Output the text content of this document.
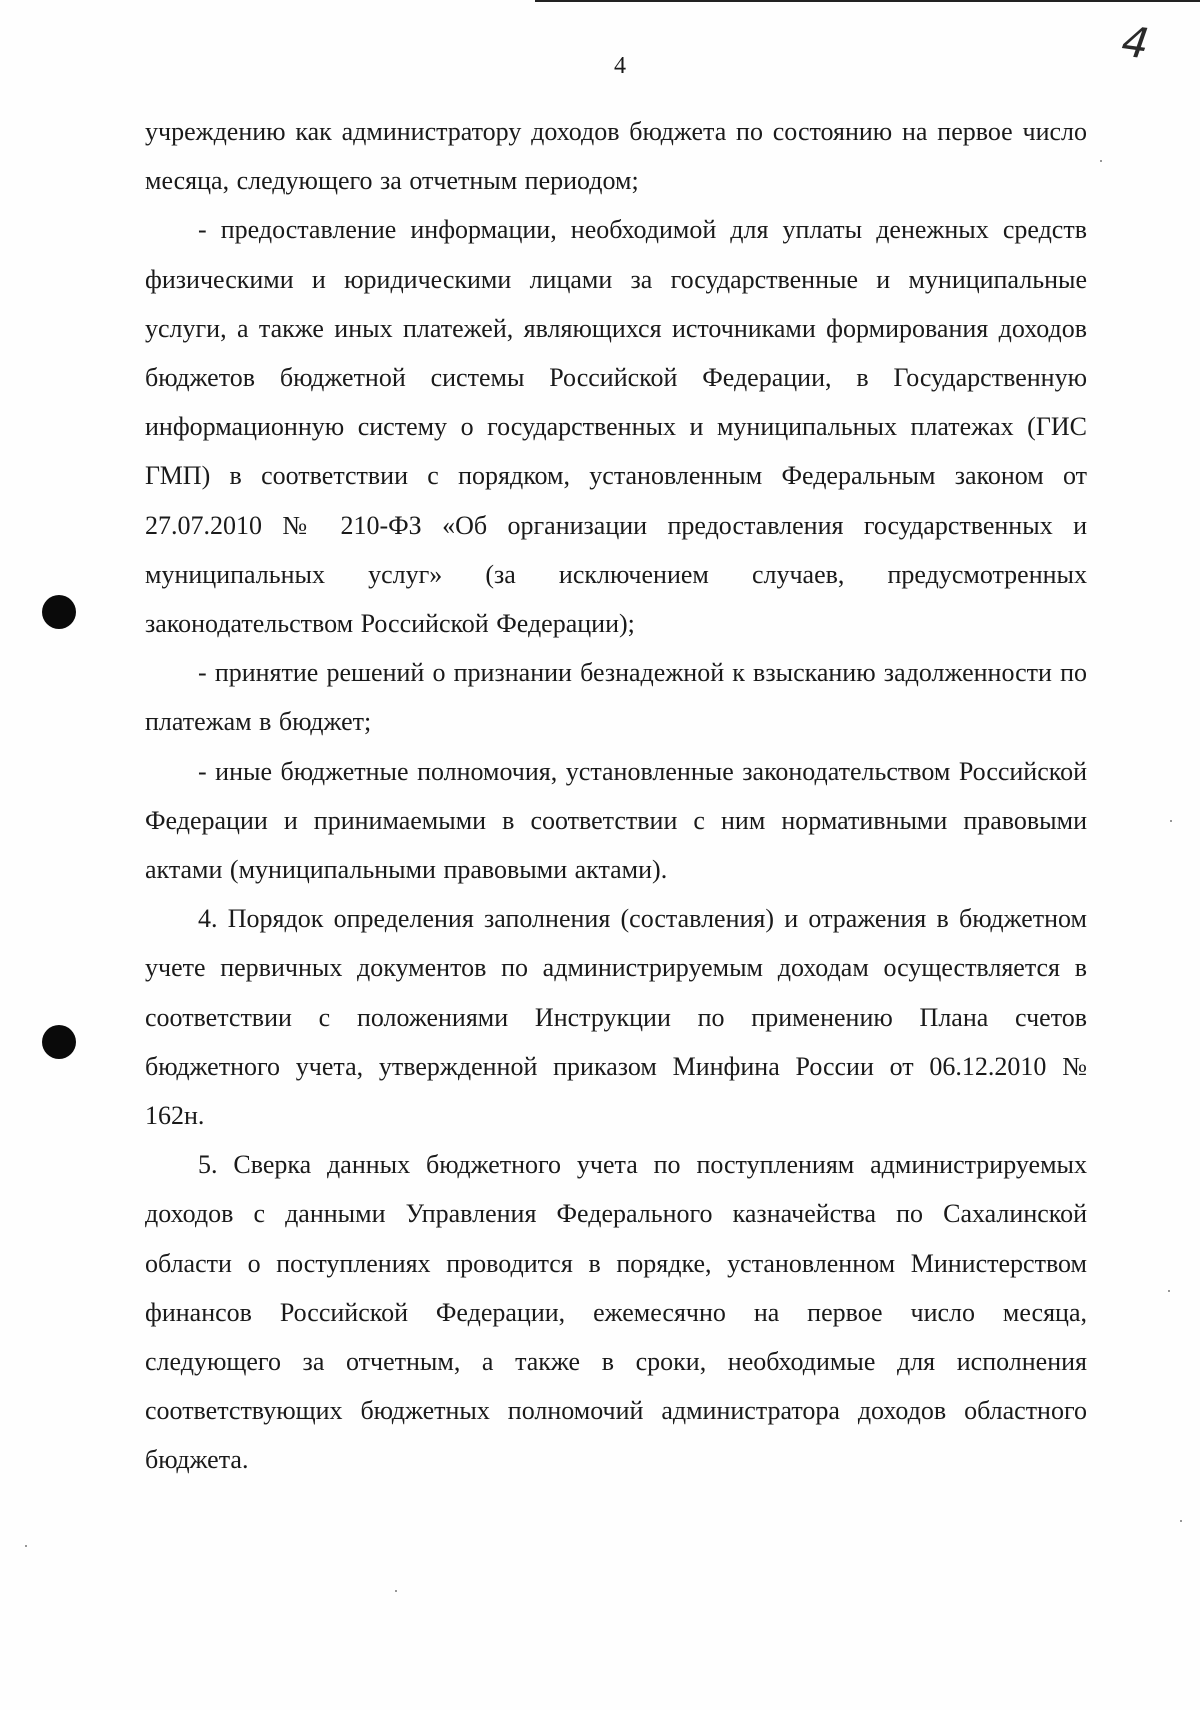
4	4

учреждению как администратору доходов бюджета по состоянию на первое число месяца, следующего за отчетным периодом;

- предоставление информации, необходимой для уплаты денежных средств физическими и юридическими лицами за государственные и муниципальные услуги, а также иных платежей, являющихся источниками формирования доходов бюджетов бюджетной системы Российской Федерации, в Государственную информационную систему о государственных и муниципальных платежах (ГИС ГМП) в соответствии с порядком, установленным Федеральным законом от 27.07.2010 № 210-ФЗ «Об организации предоставления государственных и муниципальных услуг» (за исключением случаев, предусмотренных законодательством Российской Федерации);

- принятие решений о признании безнадежной к взысканию задолженности по платежам в бюджет;

- иные бюджетные полномочия, установленные законодательством Российской Федерации и принимаемыми в соответствии с ним нормативными правовыми актами (муниципальными правовыми актами).

4. Порядок определения заполнения (составления) и отражения в бюджетном учете первичных документов по администрируемым доходам осуществляется в соответствии с положениями Инструкции по применению Плана счетов бюджетного учета, утвержденной приказом Минфина России от 06.12.2010 № 162н.

5. Сверка данных бюджетного учета по поступлениям администрируемых доходов с данными Управления Федерального казначейства по Сахалинской области о поступлениях проводится в порядке, установленном Министерством финансов Российской Федерации, ежемесячно на первое число месяца, следующего за отчетным, а также в сроки, необходимые для исполнения соответствующих бюджетных полномочий администратора доходов областного бюджета.
